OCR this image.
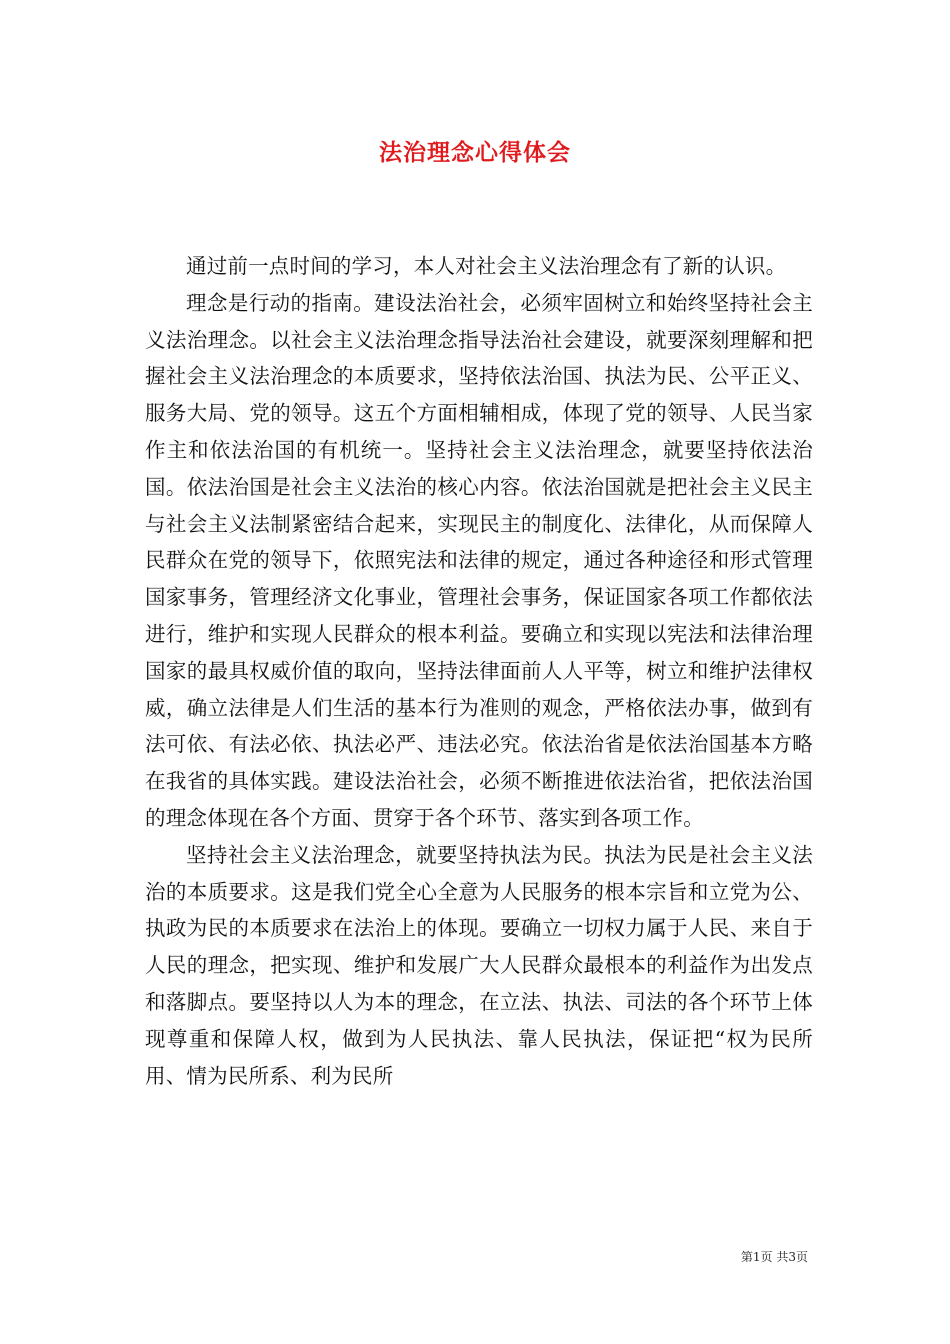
法治理念心得体会

通过前一点时间的学习，本人对社会主义法治理念有了新的认识。

理念是行动的指南。建设法治社会，必须牢固树立和始终坚持社会主义法治理念。以社会主义法治理念指导法治社会建设，就要深刻理解和把握社会主义法治理念的本质要求，坚持依法治国、执法为民、公平正义、服务大局、党的领导。这五个方面相辅相成，体现了党的领导、人民当家作主和依法治国的有机统一。坚持社会主义法治理念，就要坚持依法治国。依法治国是社会主义法治的核心内容。依法治国就是把社会主义民主与社会主义法制紧密结合起来，实现民主的制度化、法律化，从而保障人民群众在党的领导下，依照宪法和法律的规定，通过各种途径和形式管理国家事务，管理经济文化事业，管理社会事务，保证国家各项工作都依法进行，维护和实现人民群众的根本利益。要确立和实现以宪法和法律治理国家的最具权威价值的取向，坚持法律面前人人平等，树立和维护法律权威，确立法律是人们生活的基本行为准则的观念，严格依法办事，做到有法可依、有法必依、执法必严、违法必究。依法治省是依法治国基本方略在我省的具体实践。建设法治社会，必须不断推进依法治省，把依法治国的理念体现在各个方面、贯穿于各个环节、落实到各项工作。

坚持社会主义法治理念，就要坚持执法为民。执法为民是社会主义法治的本质要求。这是我们党全心全意为人民服务的根本宗旨和立党为公、执政为民的本质要求在法治上的体现。要确立一切权力属于人民、来自于人民的理念，把实现、维护和发展广大人民群众最根本的利益作为出发点和落脚点。要坚持以人为本的理念，在立法、执法、司法的各个环节上体现尊重和保障人权，做到为人民执法、靠人民执法，保证把“权为民所用、情为民所系、利为民所

第1页 共3页
